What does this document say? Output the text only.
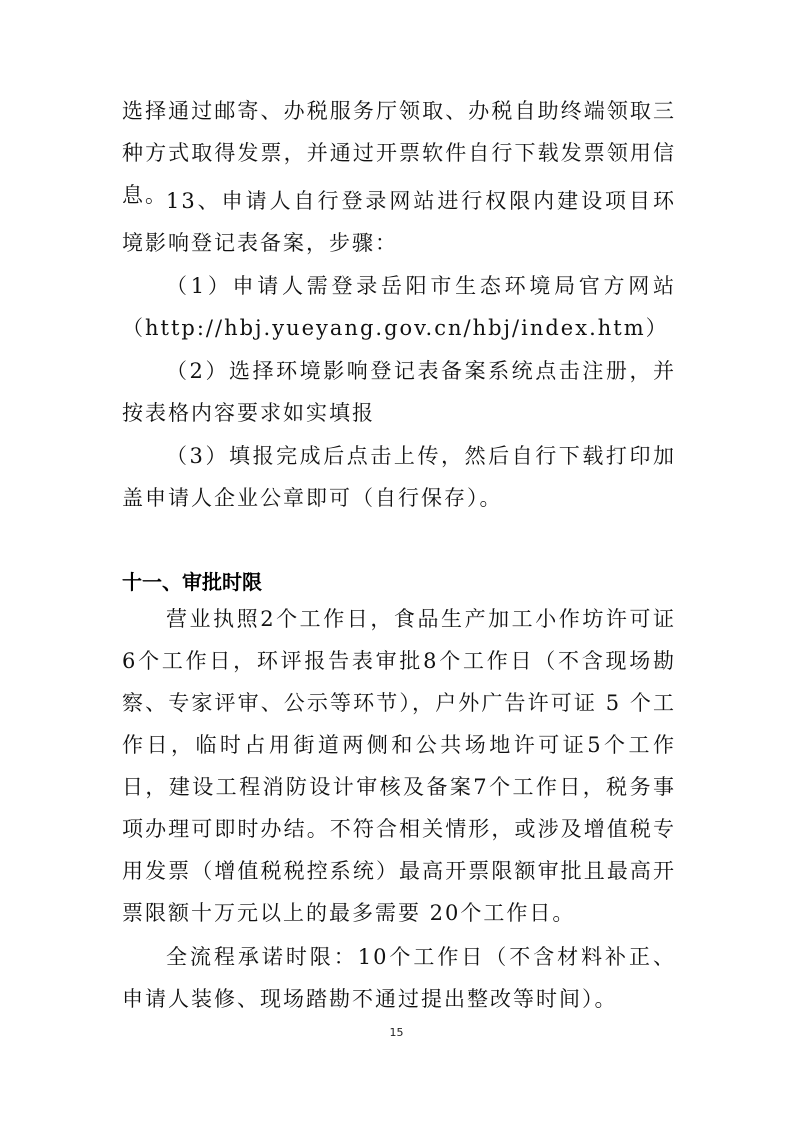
选择通过邮寄、办税服务厅领取、办税自助终端领取三种方式取得发票，并通过开票软件自行下载发票领用信息。

13、申请人自行登录网站进行权限内建设项目环境影响登记表备案，步骤：

（1）申请人需登录岳阳市生态环境局官方网站（http://hbj.yueyang.gov.cn/hbj/index.htm）

（2）选择环境影响登记表备案系统点击注册，并按表格内容要求如实填报

（3）填报完成后点击上传，然后自行下载打印加盖申请人企业公章即可（自行保存）。

十一、审批时限

营业执照2个工作日，食品生产加工小作坊许可证6个工作日，环评报告表审批8个工作日（不含现场勘察、专家评审、公示等环节），户外广告许可证 5 个工作日，临时占用街道两侧和公共场地许可证5个工作日，建设工程消防设计审核及备案7个工作日，税务事项办理可即时办结。不符合相关情形，或涉及增值税专用发票（增值税税控系统）最高开票限额审批且最高开票限额十万元以上的最多需要 20个工作日。

全流程承诺时限：10个工作日（不含材料补正、申请人装修、现场踏勘不通过提出整改等时间）。

15
